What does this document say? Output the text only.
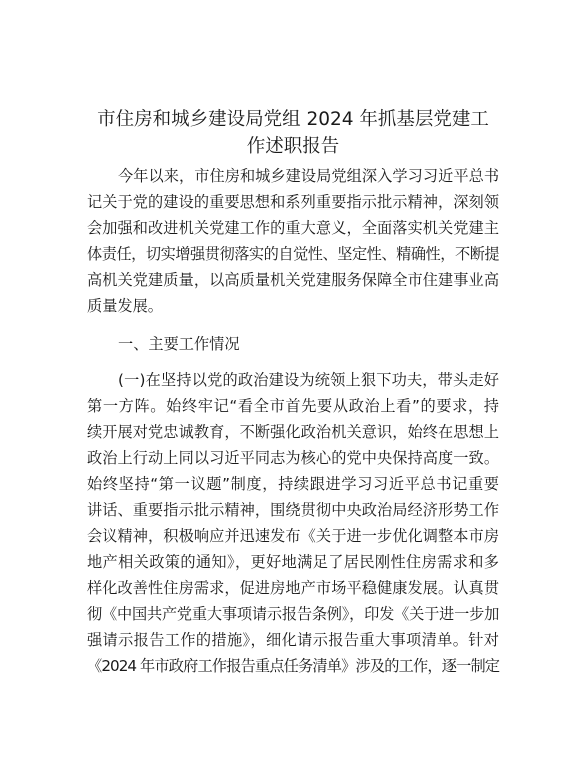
市住房和城乡建设局党组 2024 年抓基层党建工
作述职报告

今年以来，市住房和城乡建设局党组深入学习习近平总书

记关于党的建设的重要思想和系列重要指示批示精神，深刻领

会加强和改进机关党建工作的重大意义，全面落实机关党建主

体责任，切实增强贯彻落实的自觉性、坚定性、精确性，不断提

高机关党建质量，以高质量机关党建服务保障全市住建事业高

质量发展。

一、主要工作情况

(一)在坚持以党的政治建设为统领上狠下功夫，带头走好

第一方阵。始终牢记“看全市首先要从政治上看”的要求，持

续开展对党忠诚教育，不断强化政治机关意识，始终在思想上

政治上行动上同以习近平同志为核心的党中央保持高度一致。

始终坚持“第一议题”制度，持续跟进学习习近平总书记重要

讲话、重要指示批示精神，围绕贯彻中央政治局经济形势工作

会议精神，积极响应并迅速发布《关于进一步优化调整本市房

地产相关政策的通知》，更好地满足了居民刚性住房需求和多

样化改善性住房需求，促进房地产市场平稳健康发展。认真贯

彻《中国共产党重大事项请示报告条例》，印发《关于进一步加

强请示报告工作的措施》，细化请示报告重大事项清单。针对

《2024 年市政府工作报告重点任务清单》涉及的工作，逐一制定
